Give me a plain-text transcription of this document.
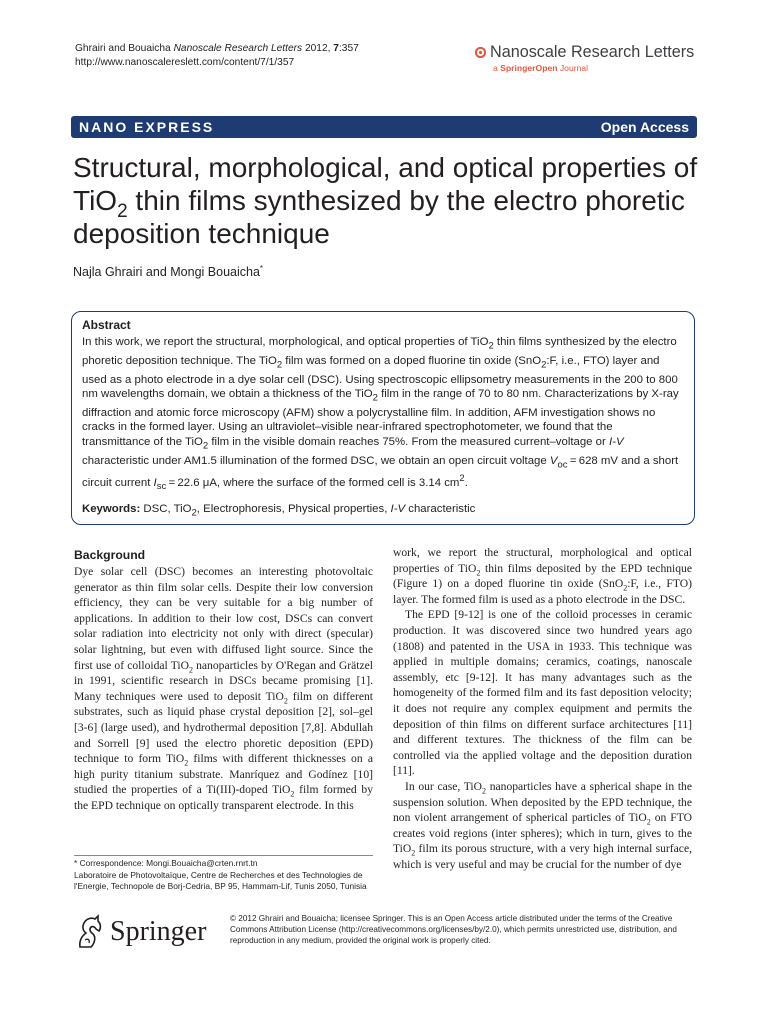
Ghrairi and Bouaicha Nanoscale Research Letters 2012, 7:357
http://www.nanoscalereslett.com/content/7/1/357
Nanoscale Research Letters
a SpringerOpen Journal
NANO EXPRESS	Open Access
Structural, morphological, and optical properties of TiO$_2$ thin films synthesized by the electro phoretic deposition technique
Najla Ghrairi and Mongi Bouaicha*
Abstract

In this work, we report the structural, morphological, and optical properties of TiO$_2$ thin films synthesized by the electro phoretic deposition technique. The TiO$_2$ film was formed on a doped fluorine tin oxide (SnO$_2$:F, i.e., FTO) layer and used as a photo electrode in a dye solar cell (DSC). Using spectroscopic ellipsometry measurements in the 200 to 800 nm wavelengths domain, we obtain a thickness of the TiO$_2$ film in the range of 70 to 80 nm. Characterizations by X-ray diffraction and atomic force microscopy (AFM) show a polycrystalline film. In addition, AFM investigation shows no cracks in the formed layer. Using an ultraviolet–visible near-infrared spectrophotometer, we found that the transmittance of the TiO$_2$ film in the visible domain reaches 75%. From the measured current–voltage or I-V characteristic under AM1.5 illumination of the formed DSC, we obtain an open circuit voltage $V_{oc} = 628$ mV and a short circuit current $I_{sc} = 22.6$ μA, where the surface of the formed cell is 3.14 $cm^2$.

Keywords: DSC, TiO$_2$, Electrophoresis, Physical properties, I-V characteristic

Background

Dye solar cell (DSC) becomes an interesting photovoltaic generator as thin film solar cells. Despite their low conversion efficiency, they can be very suitable for a big number of applications. In addition to their low cost, DSCs can convert solar radiation into electricity not only with direct (specular) solar lightning, but even with diffused light source. Since the first use of colloidal TiO$_2$ nanoparticles by O'Regan and Grätzel in 1991, scientific research in DSCs became promising [1]. Many techniques were used to deposit TiO$_2$ film on different substrates, such as liquid phase crystal deposition [2], sol–gel [3-6] (large used), and hydrothermal deposition [7,8]. Abdullah and Sorrell [9] used the electro phoretic deposition (EPD) technique to form TiO$_2$ films with different thicknesses on a high purity titanium substrate. Manríquez and Godínez [10] studied the properties of a Ti(III)-doped TiO$_2$ film formed by the EPD technique on optically transparent electrode. In this

work, we report the structural, morphological and optical properties of TiO$_2$ thin films deposited by the EPD technique (Figure 1) on a doped fluorine tin oxide (SnO$_2$:F, i.e., FTO) layer. The formed film is used as a photo electrode in the DSC.

The EPD [9-12] is one of the colloid processes in ceramic production. It was discovered since two hundred years ago (1808) and patented in the USA in 1933. This technique was applied in multiple domains; ceramics, coatings, nanoscale assembly, etc [9-12]. It has many advantages such as the homogeneity of the formed film and its fast deposition velocity; it does not require any complex equipment and permits the deposition of thin films on different surface architectures [11] and different textures. The thickness of the film can be controlled via the applied voltage and the deposition duration [11].

In our case, TiO$_2$ nanoparticles have a spherical shape in the suspension solution. When deposited by the EPD technique, the non violent arrangement of spherical particles of TiO$_2$ on FTO creates void regions (inter spheres); which in turn, gives to the TiO$_2$ film its porous structure, with a very high internal surface, which is very useful and may be crucial for the number of dye

* Correspondence: Mongi.Bouaicha@crten.rnrt.tn
Laboratoire de Photovoltaïque, Centre de Recherches et des Technologies de l'Energie, Technopole de Borj-Cedria, BP 95, Hammam-Lif, Tunis 2050, Tunisia
Springer	© 2012 Ghrairi and Bouaicha; licensee Springer. This is an Open Access article distributed under the terms of the Creative Commons Attribution License (http://creativecommons.org/licenses/by/2.0), which permits unrestricted use, distribution, and reproduction in any medium, provided the original work is properly cited.
